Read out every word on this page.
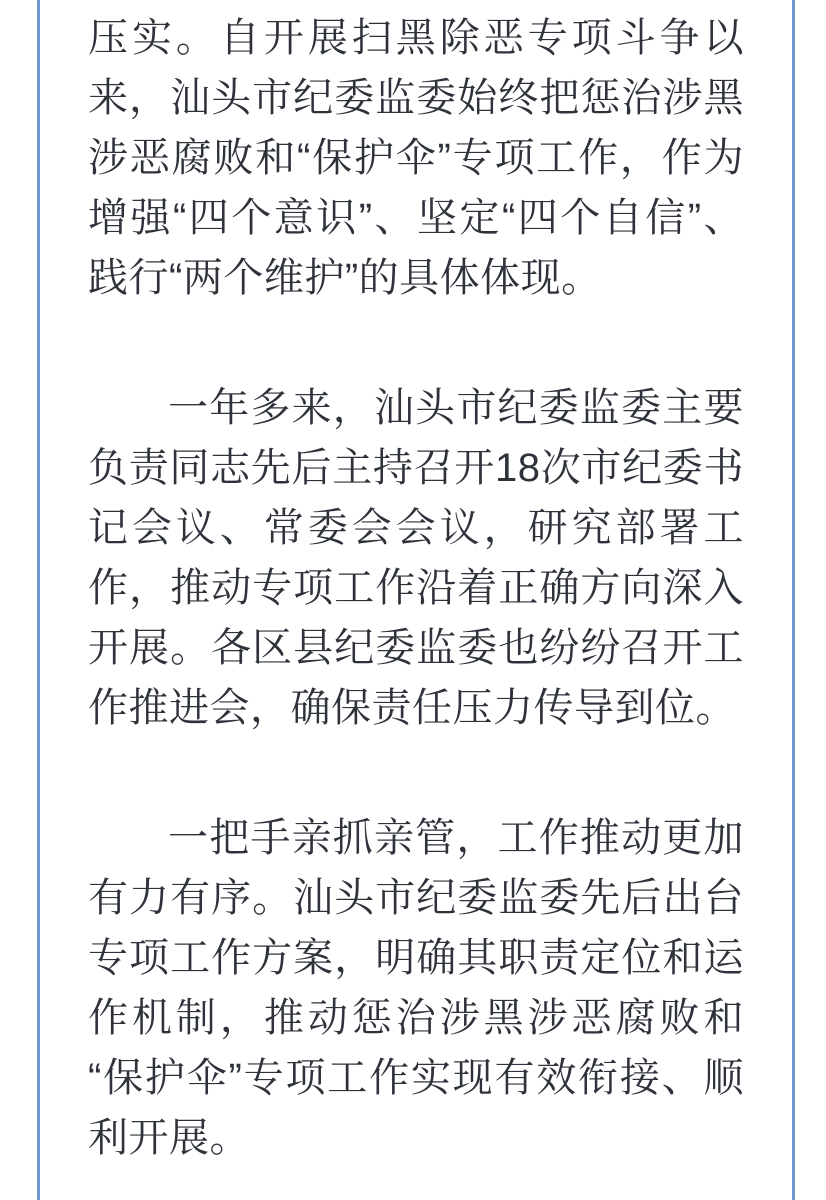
压实。自开展扫黑除恶专项斗争以来，汕头市纪委监委始终把惩治涉黑涉恶腐败和“保护伞”专项工作，作为增强“四个意识”、坚定“四个自信”、践行“两个维护”的具体体现。

一年多来，汕头市纪委监委主要负责同志先后主持召开18次市纪委书记会议、常委会会议，研究部署工作，推动专项工作沿着正确方向深入开展。各区县纪委监委也纷纷召开工作推进会，确保责任压力传导到位。

一把手亲抓亲管，工作推动更加有力有序。汕头市纪委监委先后出台专项工作方案，明确其职责定位和运作机制，推动惩治涉黑涉恶腐败和“保护伞”专项工作实现有效衔接、顺利开展。
